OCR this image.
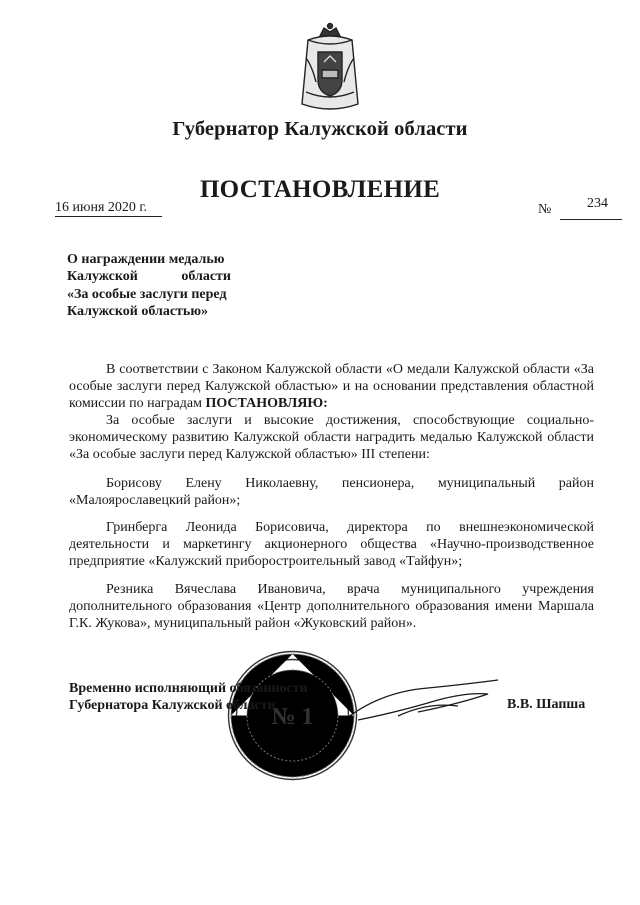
Губернатор Калужской области
ПОСТАНОВЛЕНИЕ
16 июня 2020 г.	№	234
О награждении медалью
Калужской	области
«За особые заслуги перед
Калужской областью»

В соответствии с Законом Калужской области «О медали Калужской области «За особые заслуги перед Калужской областью» и на основании представления областной комиссии по наградам ПОСТАНОВЛЯЮ:

За особые заслуги и высокие достижения, способствующие социально-экономическому развитию Калужской области наградить медалью Калужской области «За особые заслуги перед Калужской областью» III степени:

Борисову Елену Николаевну, пенсионера, муниципальный район «Малоярославецкий район»;

Гринберга Леонида Борисовича, директора по внешнеэкономической деятельности и маркетингу акционерного общества «Научно-производственное предприятие «Калужский приборостроительный завод «Тайфун»;

Резника Вячеслава Ивановича, врача муниципального учреждения дополнительного образования «Центр дополнительного образования имени Маршала Г.К. Жукова», муниципальный район «Жуковский район».

№ 1
Временно исполняющий обязанности
Губернатора Калужской области	В.В. Шапша
